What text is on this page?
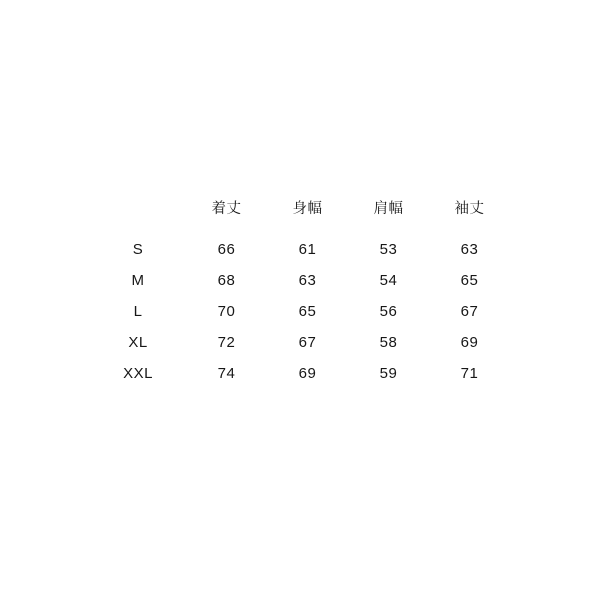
	着丈	身幅	肩幅	袖丈
S	66	61	53	63
M	68	63	54	65
L	70	65	56	67
XL	72	67	58	69
XXL	74	69	59	71
